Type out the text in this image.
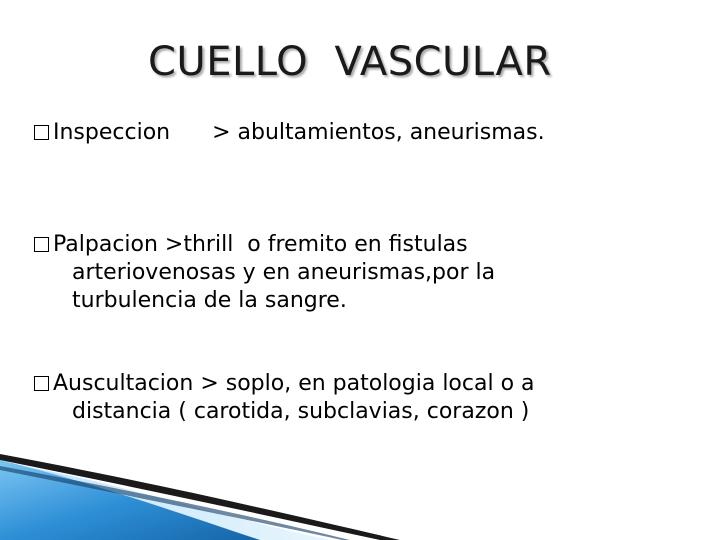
CUELLO  VASCULAR
Inspeccion > abultamientos, aneurismas.
Palpacion >thrill  o fremito en fistulas
arteriovenosas y en aneurismas,por la
turbulencia de la sangre.
Auscultacion > soplo, en patologia local o a
distancia ( carotida, subclavias, corazon )
